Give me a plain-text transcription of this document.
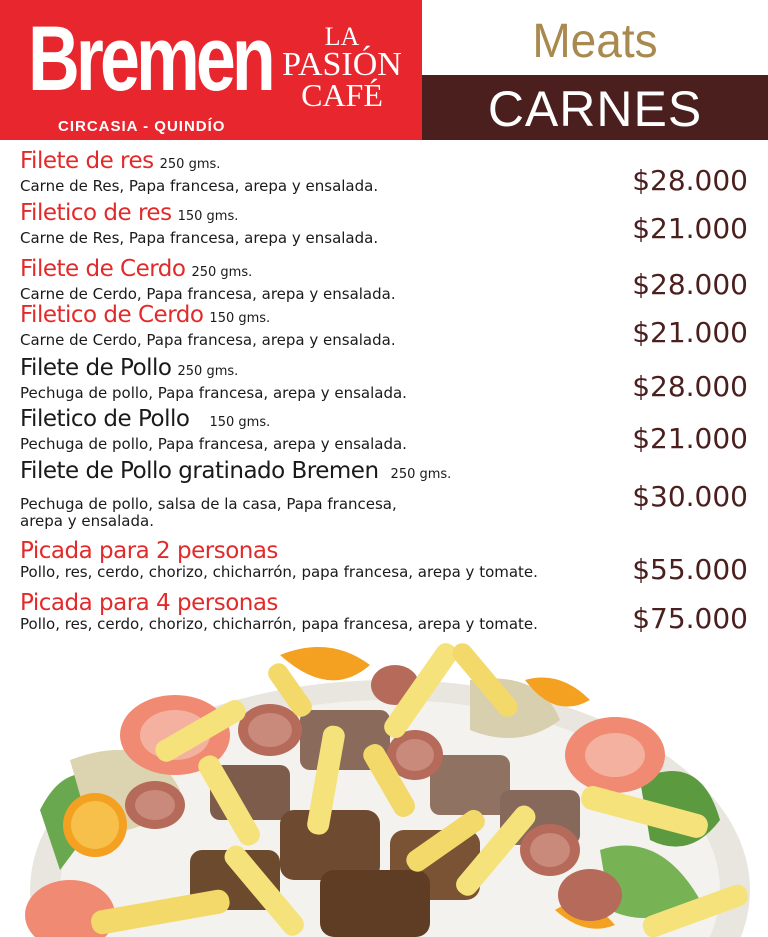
Bremen	LA
PASIÓN
CAFÉ
CIRCASIA - QUINDÍO
Meats
CARNES
Filete de res 250 gms.
Carne de Res, Papa francesa, arepa y ensalada.	$28.000
Filetico de res 150 gms.
Carne de Res, Papa francesa, arepa y ensalada.	$21.000
Filete de Cerdo 250 gms.
Carne de Cerdo, Papa francesa, arepa y ensalada.	$28.000
Filetico de Cerdo 150 gms.
Carne de Cerdo, Papa francesa, arepa y ensalada.	$21.000
Filete de Pollo 250 gms.
Pechuga de pollo, Papa francesa, arepa y ensalada.	$28.000
Filetico de Pollo 150 gms.
Pechuga de pollo, Papa francesa, arepa y ensalada.	$21.000
Filete de Pollo gratinado Bremen 250 gms.
Pechuga de pollo, salsa de la casa, Papa francesa,
arepa y ensalada.
$30.000
Picada para 2 personas
Pollo, res, cerdo, chorizo, chicharrón, papa francesa, arepa y tomate.	$55.000
Picada para 4 personas
Pollo, res, cerdo, chorizo, chicharrón, papa francesa, arepa y tomate.	$75.000
